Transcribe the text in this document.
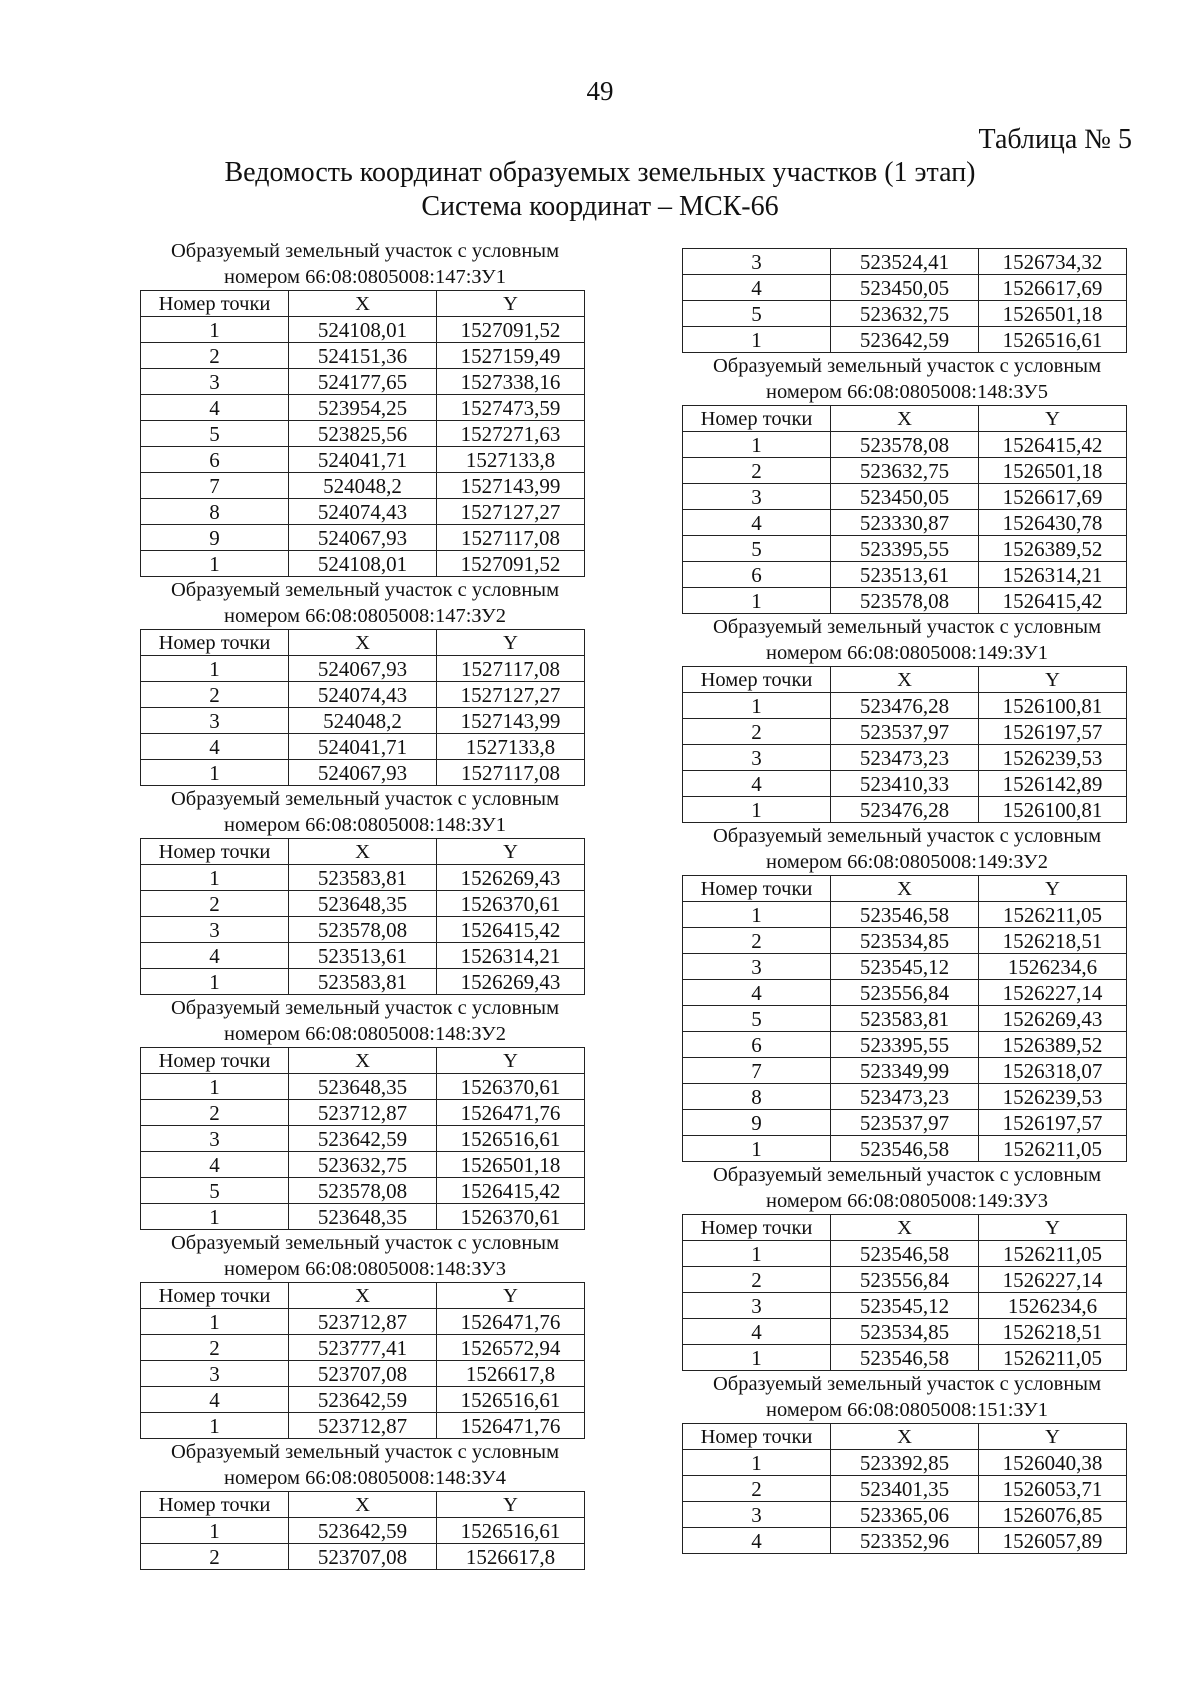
49
Таблица № 5
Ведомость координат образуемых земельных участков (1 этап)
Система координат – МСК-66
Образуемый земельный участок с условным
номером 66:08:0805008:147:ЗУ1
Номер точки	X	Y
1	524108,01	1527091,52
2	524151,36	1527159,49
3	524177,65	1527338,16
4	523954,25	1527473,59
5	523825,56	1527271,63
6	524041,71	1527133,8
7	524048,2	1527143,99
8	524074,43	1527127,27
9	524067,93	1527117,08
1	524108,01	1527091,52
Образуемый земельный участок с условным
номером 66:08:0805008:147:ЗУ2
Номер точки	X	Y
1	524067,93	1527117,08
2	524074,43	1527127,27
3	524048,2	1527143,99
4	524041,71	1527133,8
1	524067,93	1527117,08
Образуемый земельный участок с условным
номером 66:08:0805008:148:ЗУ1
Номер точки	X	Y
1	523583,81	1526269,43
2	523648,35	1526370,61
3	523578,08	1526415,42
4	523513,61	1526314,21
1	523583,81	1526269,43
Образуемый земельный участок с условным
номером 66:08:0805008:148:ЗУ2
Номер точки	X	Y
1	523648,35	1526370,61
2	523712,87	1526471,76
3	523642,59	1526516,61
4	523632,75	1526501,18
5	523578,08	1526415,42
1	523648,35	1526370,61
Образуемый земельный участок с условным
номером 66:08:0805008:148:ЗУ3
Номер точки	X	Y
1	523712,87	1526471,76
2	523777,41	1526572,94
3	523707,08	1526617,8
4	523642,59	1526516,61
1	523712,87	1526471,76
Образуемый земельный участок с условным
номером 66:08:0805008:148:ЗУ4
Номер точки	X	Y
1	523642,59	1526516,61
2	523707,08	1526617,8
3	523524,41	1526734,32
4	523450,05	1526617,69
5	523632,75	1526501,18
1	523642,59	1526516,61
Образуемый земельный участок с условным
номером 66:08:0805008:148:ЗУ5
Номер точки	X	Y
1	523578,08	1526415,42
2	523632,75	1526501,18
3	523450,05	1526617,69
4	523330,87	1526430,78
5	523395,55	1526389,52
6	523513,61	1526314,21
1	523578,08	1526415,42
Образуемый земельный участок с условным
номером 66:08:0805008:149:ЗУ1
Номер точки	X	Y
1	523476,28	1526100,81
2	523537,97	1526197,57
3	523473,23	1526239,53
4	523410,33	1526142,89
1	523476,28	1526100,81
Образуемый земельный участок с условным
номером 66:08:0805008:149:ЗУ2
Номер точки	X	Y
1	523546,58	1526211,05
2	523534,85	1526218,51
3	523545,12	1526234,6
4	523556,84	1526227,14
5	523583,81	1526269,43
6	523395,55	1526389,52
7	523349,99	1526318,07
8	523473,23	1526239,53
9	523537,97	1526197,57
1	523546,58	1526211,05
Образуемый земельный участок с условным
номером 66:08:0805008:149:ЗУ3
Номер точки	X	Y
1	523546,58	1526211,05
2	523556,84	1526227,14
3	523545,12	1526234,6
4	523534,85	1526218,51
1	523546,58	1526211,05
Образуемый земельный участок с условным
номером 66:08:0805008:151:ЗУ1
Номер точки	X	Y
1	523392,85	1526040,38
2	523401,35	1526053,71
3	523365,06	1526076,85
4	523352,96	1526057,89
